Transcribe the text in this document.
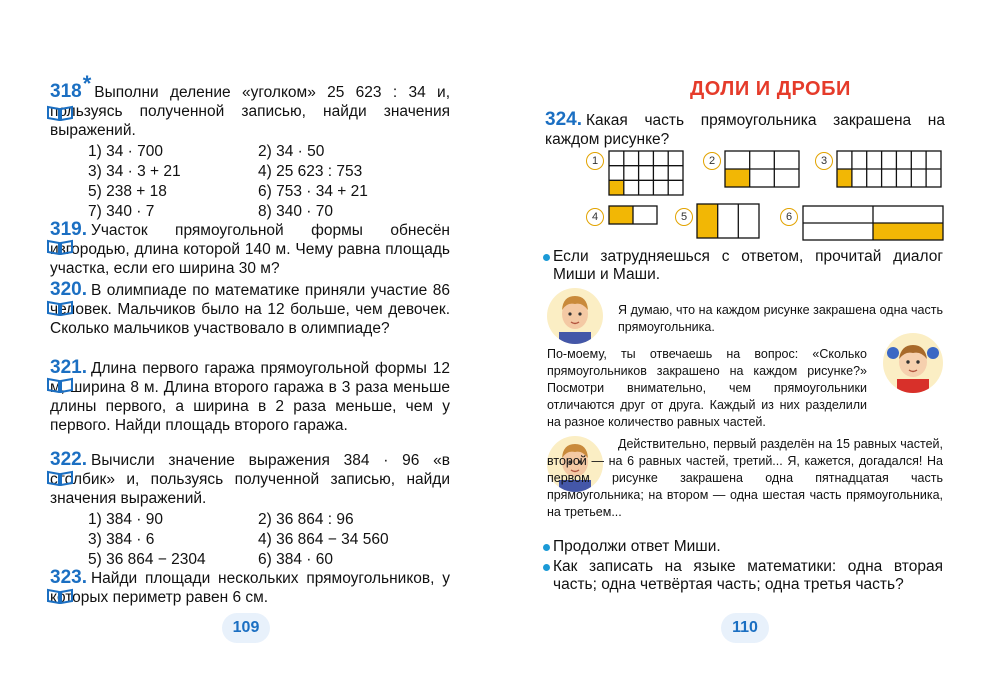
318* Выполни деление «уголком» 25 623 : 34 и, пользуясь полученной записью, найди значения выражений.
1) 34 · 700	2) 34 · 50
3) 34 · 3 + 21	4) 25 623 : 753
5) 238 + 18	6) 753 · 34 + 21
7) 340 · 7	8) 340 · 70
319. Участок прямоугольной формы обнесён изгородью, длина которой 140 м. Чему равна площадь участка, если его ширина 30 м?
320. В олимпиаде по математике приняли участие 86 человек. Мальчиков было на 12 больше, чем девочек. Сколько мальчиков участвовало в олимпиаде?
321. Длина первого гаража прямоугольной формы 12 м, ширина 8 м. Длина второго гаража в 3 раза меньше длины первого, а ширина в 2 раза меньше, чем у первого. Найди площадь второго гаража.
322. Вычисли значение выражения 384 · 96 «в столбик» и, пользуясь полученной записью, найди значения выражений.
1) 384 · 90	2) 36 864 : 96
3) 384 · 6	4) 36 864 − 34 560
5) 36 864 − 2304	6) 384 · 60
323. Найди площади нескольких прямоугольников, у которых периметр равен 6 см.
109
ДОЛИ И ДРОБИ
324. Какая часть прямоугольника закрашена на каждом рисунке?
1	2	3
4	5	6
Если затрудняешься с ответом, прочитай диалог Миши и Маши.
Я думаю, что на каждом рисунке закрашена одна часть прямоугольника.
По-моему, ты отвечаешь на вопрос: «Сколько прямоугольников закрашено на каждом рисунке?» Посмотри внимательно, чем прямоугольники отличаются друг от друга. Каждый из них разделили на разное количество равных частей.
Действительно, первый разделён на 15 равных частей, второй — на 6 равных частей, третий... Я, кажется, догадался! На первом рисунке закрашена одна пятнадцатая часть прямоугольника; на втором — одна шестая часть прямоугольника, на третьем...
Продолжи ответ Миши.
Как записать на языке математики: одна вторая часть; одна четвёртая часть; одна третья часть?
110
